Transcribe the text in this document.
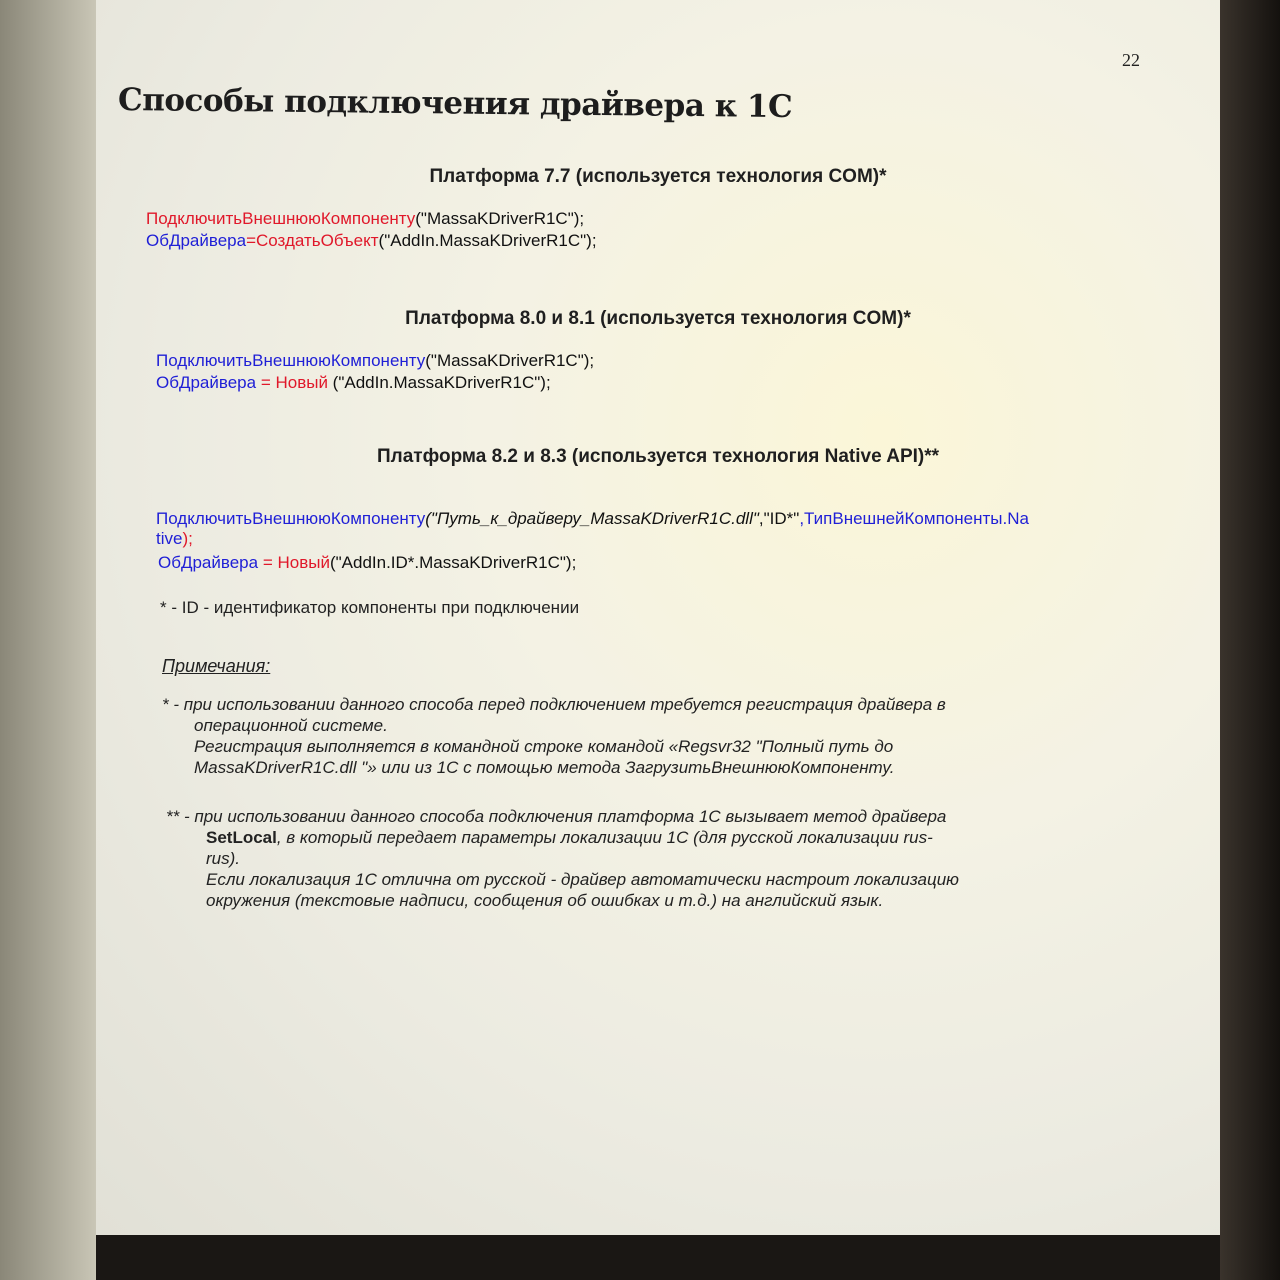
22
Способы подключения драйвера к 1С
Платформа 7.7 (используется технология COM)*
ПодключитьВнешнююКомпоненту("MassaKDriverR1C");
ОбДрайвера=СоздатьОбъект("AddIn.MassaKDriverR1C");
Платформа 8.0 и 8.1 (используется технология COM)*
ПодключитьВнешнююКомпоненту("MassaKDriverR1C");
ОбДрайвера = Новый ("AddIn.MassaKDriverR1C");
Платформа 8.2 и 8.3 (используется технология Native API)**
ПодключитьВнешнююКомпоненту("Путь_к_драйверу_MassaKDriverR1C.dll","ID*",ТипВнешнейКомпоненты.Na
tive);
ОбДрайвера = Новый("AddIn.ID*.MassaKDriverR1C");
* - ID - идентификатор компоненты при подключении
Примечания:
* - при использовании данного способа перед подключением требуется регистрация драйвера в
операционной системе.
Регистрация выполняется в командной строке командой «Regsvr32 "Полный путь до
MassaKDriverR1C.dll "» или из 1С с помощью метода ЗагрузитьВнешнююКомпоненту.
** - при использовании данного способа подключения платформа 1С вызывает метод драйвера
SetLocal, в который передает параметры локализации 1С (для русской локализации rus-
rus).
Если локализация 1С отлична от русской - драйвер автоматически настроит локализацию
окружения (текстовые надписи, сообщения об ошибках и т.д.) на английский язык.
